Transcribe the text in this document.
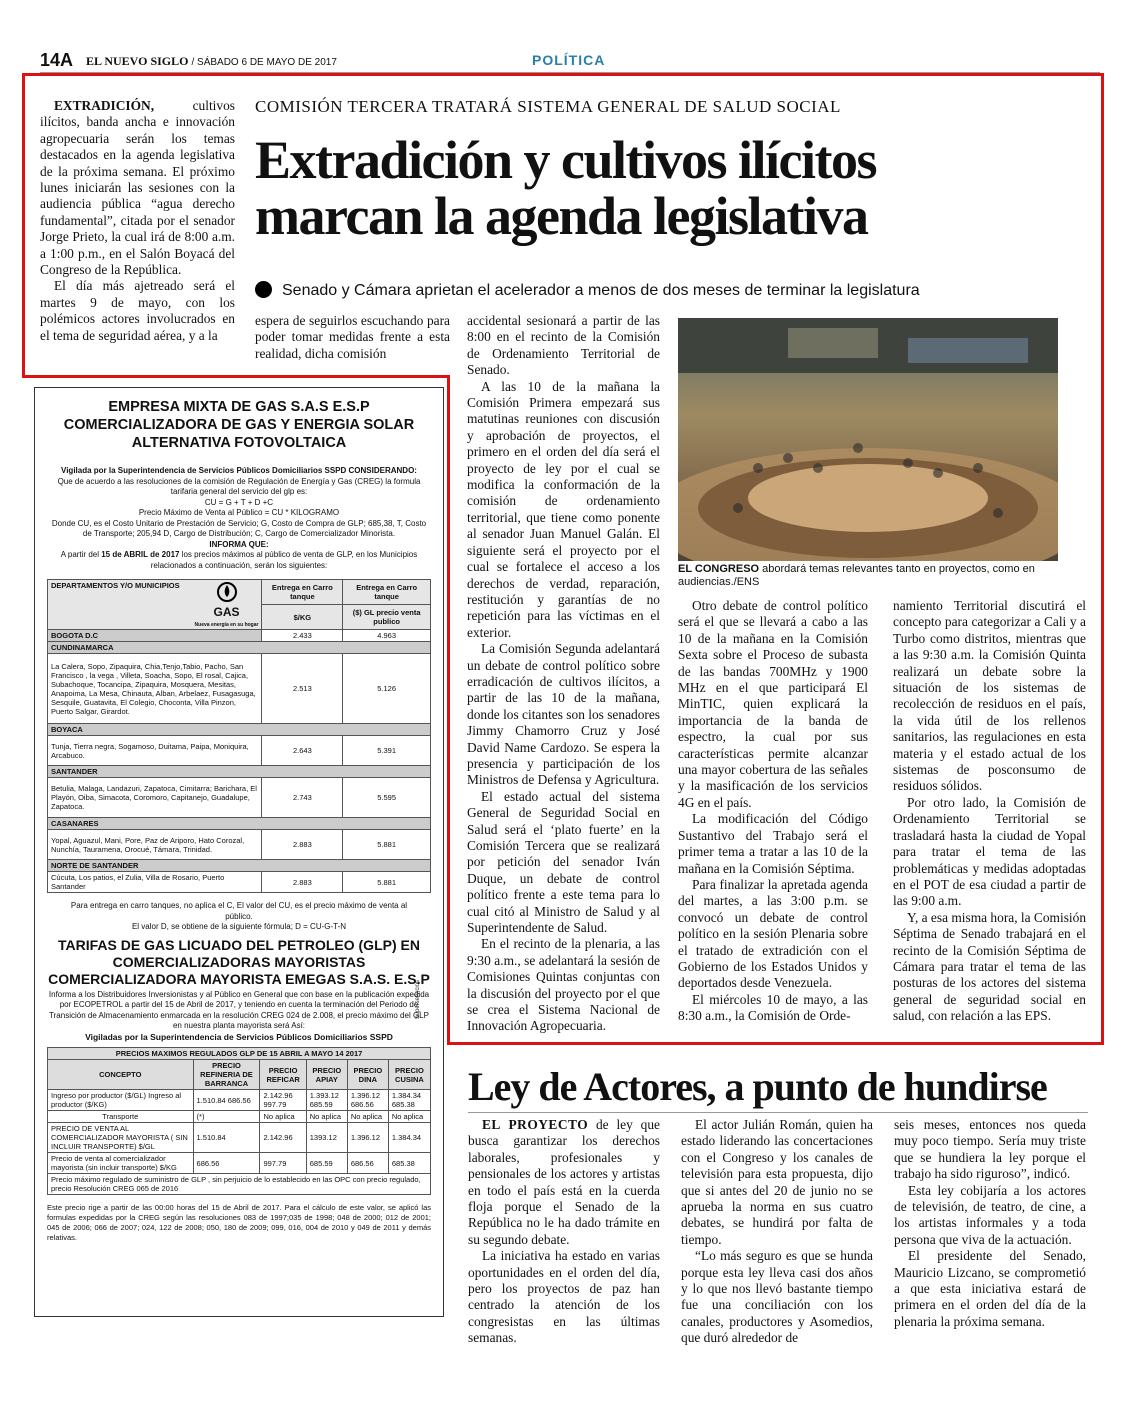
14A EL NUEVO SIGLO / SÁBADO 6 DE MAYO DE 2017	POLÍTICA
COMISIÓN TERCERA TRATARÁ SISTEMA GENERAL DE SALUD SOCIAL
Extradición y cultivos ilícitos
marcan la agenda legislativa
Senado y Cámara aprietan el acelerador a menos de dos meses de terminar la legislatura

EXTRADICIÓN, cultivos ilícitos, banda ancha e innovación agropecuaria serán los temas destacados en la agenda legislativa de la próxima semana. El próximo lunes iniciarán las sesiones con la audiencia pública “agua derecho fundamental”, citada por el senador Jorge Prieto, la cual irá de 8:00 a.m. a 1:00 p.m., en el Salón Boyacá del Congreso de la República.

El día más ajetreado será el martes 9 de mayo, con los polémicos actores involucrados en el tema de seguridad aérea, y a la

espera de seguirlos escuchando para poder tomar medidas frente a esta realidad, dicha comisión
accidental sesionará a partir de las 8:00 en el recinto de la Comisión de Ordenamiento Territorial de Senado.

A las 10 de la mañana la Comisión Primera empezará sus matutinas reuniones con discusión y aprobación de proyectos, el primero en el orden del día será el proyecto de ley por el cual se modifica la conformación de la comisión de ordenamiento territorial, que tiene como ponente al senador Juan Manuel Galán. El siguiente será el proyecto por el cual se fortalece el acceso a los derechos de verdad, reparación, restitución y garantías de no repetición para las víctimas en el exterior.

La Comisión Segunda adelantará un debate de control político sobre erradicación de cultivos ilícitos, a partir de las 10 de la mañana, donde los citantes son los senadores Jimmy Chamorro Cruz y José David Name Cardozo. Se espera la presencia y participación de los Ministros de Defensa y Agricultura.

El estado actual del sistema General de Seguridad Social en Salud será el ‘plato fuerte’ en la Comisión Tercera que se realizará por petición del senador Iván Duque, un debate de control político frente a este tema para lo cual citó al Ministro de Salud y al Superintendente de Salud.

En el recinto de la plenaria, a las 9:30 a.m., se adelantará la sesión de Comisiones Quintas conjuntas con la discusión del proyecto por el que se crea el Sistema Nacional de Innovación Agropecuaria.

EL CONGRESO abordará temas relevantes tanto en proyectos, como en audiencias./ENS

Otro debate de control político será el que se llevará a cabo a las 10 de la mañana en la Comisión Sexta sobre el Proceso de subasta de las bandas 700MHz y 1900 MHz en el que participará El MinTIC, quien explicará la importancia de la banda de espectro, la cual por sus características permite alcanzar una mayor cobertura de las señales y la masificación de los servicios 4G en el país.

La modificación del Código Sustantivo del Trabajo será el primer tema a tratar a las 10 de la mañana en la Comisión Séptima.

Para finalizar la apretada agenda del martes, a las 3:00 p.m. se convocó un debate de control político en la sesión Plenaria sobre el tratado de extradición con el Gobierno de los Estados Unidos y deportados desde Venezuela.

El miércoles 10 de mayo, a las 8:30 a.m., la Comisión de Orde-

namiento Territorial discutirá el concepto para categorizar a Cali y a Turbo como distritos, mientras que a las 9:30 a.m. la Comisión Quinta realizará un debate sobre la situación de los sistemas de recolección de residuos en el país, la vida útil de los rellenos sanitarios, las regulaciones en esta materia y el estado actual de los sistemas de posconsumo de residuos sólidos.

Por otro lado, la Comisión de Ordenamiento Territorial se trasladará hasta la ciudad de Yopal para tratar el tema de las problemáticas y medidas adoptadas en el POT de esa ciudad a partir de las 9:00 a.m.

Y, a esa misma hora, la Comisión Séptima de Senado trabajará en el recinto de la Comisión Séptima de Cámara para tratar el tema de las posturas de los actores del sistema general de seguridad social en salud, con relación a las EPS.

EMPRESA MIXTA DE GAS S.A.S E.S.P
COMERCIALIZADORA DE GAS Y ENERGIA SOLAR
ALTERNATIVA FOTOVOLTAICA
Vigilada por la Superintendencia de Servicios Públicos Domiciliarios SSPD CONSIDERANDO:
Que de acuerdo a las resoluciones de la comisión de Regulación de Energía y Gas (CREG) la formula tarifaria general del servicio del glp es:
CU = G + T + D +C
Precio Máximo de Venta al Público = CU * KILOGRAMO
Donde CU, es el Costo Unitario de Prestación de Servicio; G, Costo de Compra de GLP; 685,38, T, Costo de Transporte; 205,94 D, Cargo de Distribución; C, Cargo de Comercializador Minorista.
INFORMA QUE:
A partir del 15 de ABRIL de 2017 los precios máximos al público de venta de GLP, en los Municipios relacionados a continuación, serán los siguientes:
DEPARTAMENTOS Y/O MUNICIPIOS

GAS
Nueva energía en su hogar	Entrega en Carro tanque	Entrega en Carro tanque
	$/KG	($) GL precio venta publico
BOGOTA D.C	2.433	4.963
CUNDINAMARCA		
La Calera, Sopo, Zipaquira, Chia,Tenjo,Tabio, Pacho, San Francisco , la vega , Villeta, Soacha, Sopo, El rosal, Cajica, Subachoque, Tocancipa, Zipaquira, Mosquera, Mesitas, Anapoima, La Mesa, Chinauta, Alban, Arbelaez, Fusagasuga, Sesquile, Guatavita, El Colegio, Choconta, Villa Pinzon, Puerto Salgar, Girardot.	2.513	5.126
BOYACA		
Tunja, Tierra negra, Sogamoso, Duitama, Paipa, Moniquira, Arcabuco.	2.643	5.391
SANTANDER		
Betulia, Malaga, Landazuri, Zapatoca, Cimitarra; Barichara, El Playón, Oiba, Simacota, Coromoro, Capitanejo, Guadalupe, Zapatoca.	2.743	5.595
CASANARES		
Yopal, Aguazul, Mani, Pore, Paz de Ariporo, Hato Corozal, Nunchía, Tauramena, Orocué, Támara, Trinidad.	2.883	5.881
NORTE DE SANTANDER		
Cúcuta, Los patios, el Zulia, Villa de Rosario, Puerto Santander	2.883	5.881
Para entrega en carro tanques, no aplica el C, El valor del CU, es el precio máximo de venta al público.
El valor D, se obtiene de la siguiente fórmula; D = CU-G-T-N
TARIFAS DE GAS LICUADO DEL PETROLEO (GLP) EN
COMERCIALIZADORAS MAYORISTAS
COMERCIALIZADORA MAYORISTA EMEGAS S.A.S. E.S.P
Informa a los Distribuidores Inversionistas y al Público en General que con base en la publicación expedida por ECOPETROL a partir del 15 de Abril de 2017, y teniendo en cuenta la terminación del Periodo de Transición de Almacenamiento enmarcada en la resolución CREG 024 de 2.008, el precio máximo del GLP en nuestra planta mayorista será Así:
Vigiladas por la Superintendencia de Servicios Públicos Domiciliarios SSPD
PRECIOS MAXIMOS REGULADOS GLP DE 15 ABRIL A MAYO 14 2017					
CONCEPTO	PRECIO REFINERIA DE BARRANCA	PRECIO REFICAR	PRECIO APIAY	PRECIO DINA	PRECIO CUSINA
Ingreso por productor ($/GL) Ingreso al productor ($/KG)	1.510.84 686.56	2.142.96 997.79	1.393.12 685.59	1.396.12 686.56	1.384.34 685.38
Transporte	(*)	No aplica	No aplica	No aplica	No aplica
PRECIO DE VENTA AL COMERCIALIZADOR MAYORISTA ( SIN INCLUIR TRANSPORTE) $/GL	1.510.84	2.142.96	1393.12	1.396.12	1.384.34
Precio de venta al comercializador mayorista (sin incluir transporte) $/KG	686.56	997.79	685.59	686.56	685.38
Precio máximo regulado de suministro de GLP , sin perjuicio de lo establecido en las OPC con precio regulado, precio Resolución CREG 065 de 2016					
Este precio rige a partir de las 00:00 horas del 15 de Abril de 2017. Para el cálculo de este valor, se aplicó las formulas expedidas por la CREG según las resoluciones 083 de 1997;035 de 1998; 048 de 2000; 012 de 2001; 045 de 2006; 066 de 2007; 024, 122 de 2008; 050, 180 de 2009; 099, 016, 004 de 2010 y 049 de 2011 y demás relativas.
Superservicios
Ley de Actores, a punto de hundirse

EL PROYECTO de ley que busca garantizar los derechos laborales, profesionales y pensionales de los actores y artistas en todo el país está en la cuerda floja porque el Senado de la República no le ha dado trámite en su segundo debate.

La iniciativa ha estado en varias oportunidades en el orden del día, pero los proyectos de paz han centrado la atención de los congresistas en las últimas semanas.

El actor Julián Román, quien ha estado liderando las concertaciones con el Congreso y los canales de televisión para esta propuesta, dijo que si antes del 20 de junio no se aprueba la norma en sus cuatro debates, se hundirá por falta de tiempo.

“Lo más seguro es que se hunda porque esta ley lleva casi dos años y lo que nos llevó bastante tiempo fue una conciliación con los canales, productores y Asomedios, que duró alrededor de

seis meses, entonces nos queda muy poco tiempo. Sería muy triste que se hundiera la ley porque el trabajo ha sido riguroso”, indicó.

Esta ley cobijaría a los actores de televisión, de teatro, de cine, a los artistas informales y a toda persona que viva de la actuación.

El presidente del Senado, Mauricio Lizcano, se comprometió a que esta iniciativa estará de primera en el orden del día de la plenaria la próxima semana.
